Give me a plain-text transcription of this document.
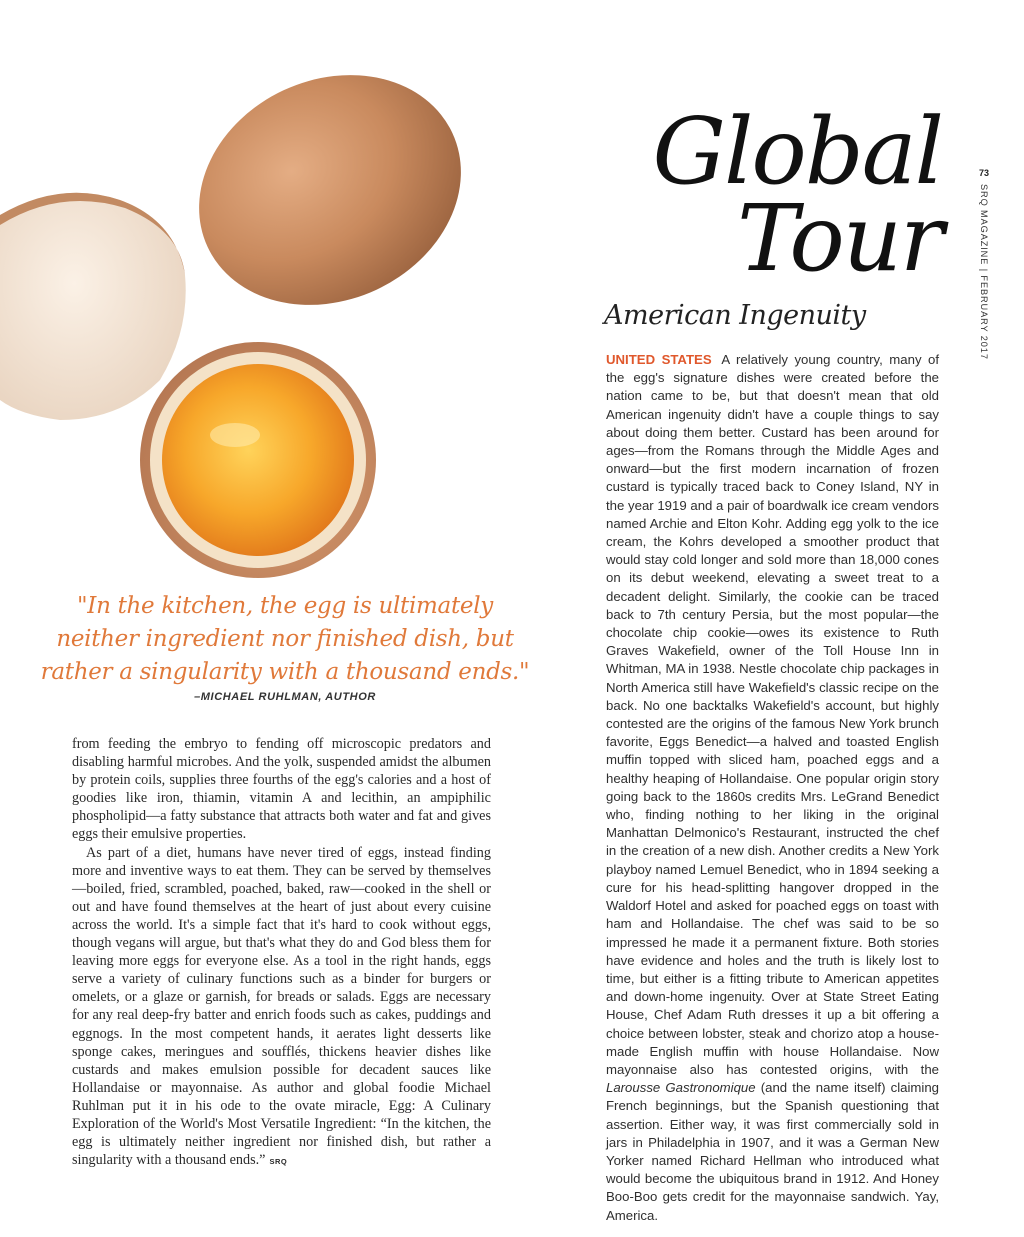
Global
Tour
73
SRQ MAGAZINE | FEBRUARY 2017
American Ingenuity
UNITED STATES A relatively young country, many of the egg's signature dishes were created before the nation came to be, but that doesn't mean that old American ingenuity didn't have a couple things to say about doing them better. Custard has been around for ages—from the Romans through the Middle Ages and onward—but the first modern incarnation of frozen custard is typically traced back to Coney Island, NY in the year 1919 and a pair of boardwalk ice cream vendors named Archie and Elton Kohr. Adding egg yolk to the ice cream, the Kohrs developed a smoother product that would stay cold longer and sold more than 18,000 cones on its debut weekend, elevating a sweet treat to a decadent delight. Similarly, the cookie can be traced back to 7th century Persia, but the most popular—the chocolate chip cookie—owes its existence to Ruth Graves Wakefield, owner of the Toll House Inn in Whitman, MA in 1938. Nestle chocolate chip packages in North America still have Wakefield's classic recipe on the back. No one backtalks Wakefield's account, but highly contested are the origins of the famous New York brunch favorite, Eggs Benedict—a halved and toasted English muffin topped with sliced ham, poached eggs and a healthy heaping of Hollandaise. One popular origin story going back to the 1860s credits Mrs. LeGrand Benedict who, finding nothing to her liking in the original Manhattan Delmonico's Restaurant, instructed the chef in the creation of a new dish. Another credits a New York playboy named Lemuel Benedict, who in 1894 seeking a cure for his head-splitting hangover dropped in the Waldorf Hotel and asked for poached eggs on toast with ham and Hollandaise. The chef was said to be so impressed he made it a permanent fixture. Both stories have evidence and holes and the truth is likely lost to time, but either is a fitting tribute to American appetites and down-home ingenuity. Over at State Street Eating House, Chef Adam Ruth dresses it up a bit offering a choice between lobster, steak and chorizo atop a house-made English muffin with house Hollandaise. Now mayonnaise also has contested origins, with the Larousse Gastronomique (and the name itself) claiming French beginnings, but the Spanish questioning that assertion. Either way, it was first commercially sold in jars in Philadelphia in 1907, and it was a German New Yorker named Richard Hellman who introduced what would become the ubiquitous brand in 1912. And Honey Boo-Boo gets credit for the mayonnaise sandwich. Yay, America.
"In the kitchen, the egg is ultimately neither ingredient nor finished dish, but rather a singularity with a thousand ends."
–MICHAEL RUHLMAN, AUTHOR

from feeding the embryo to fending off microscopic predators and disabling harmful microbes. And the yolk, suspended amidst the albumen by protein coils, supplies three fourths of the egg's calories and a host of goodies like iron, thiamin, vitamin A and lecithin, an ampiphilic phospholipid—a fatty substance that attracts both water and fat and gives eggs their emulsive properties.

As part of a diet, humans have never tired of eggs, instead finding more and inventive ways to eat them. They can be served by themselves—boiled, fried, scrambled, poached, baked, raw—cooked in the shell or out and have found themselves at the heart of just about every cuisine across the world. It's a simple fact that it's hard to cook without eggs, though vegans will argue, but that's what they do and God bless them for leaving more eggs for everyone else. As a tool in the right hands, eggs serve a variety of culinary functions such as a binder for burgers or omelets, or a glaze or garnish, for breads or salads. Eggs are necessary for any real deep-fry batter and enrich foods such as cakes, puddings and eggnogs. In the most competent hands, it aerates light desserts like sponge cakes, meringues and soufflés, thickens heavier dishes like custards and makes emulsion possible for decadent sauces like Hollandaise or mayonnaise. As author and global foodie Michael Ruhlman put it in his ode to the ovate miracle, Egg: A Culinary Exploration of the World's Most Versatile Ingredient: “In the kitchen, the egg is ultimately neither ingredient nor finished dish, but rather a singularity with a thousand ends.” SRQ
